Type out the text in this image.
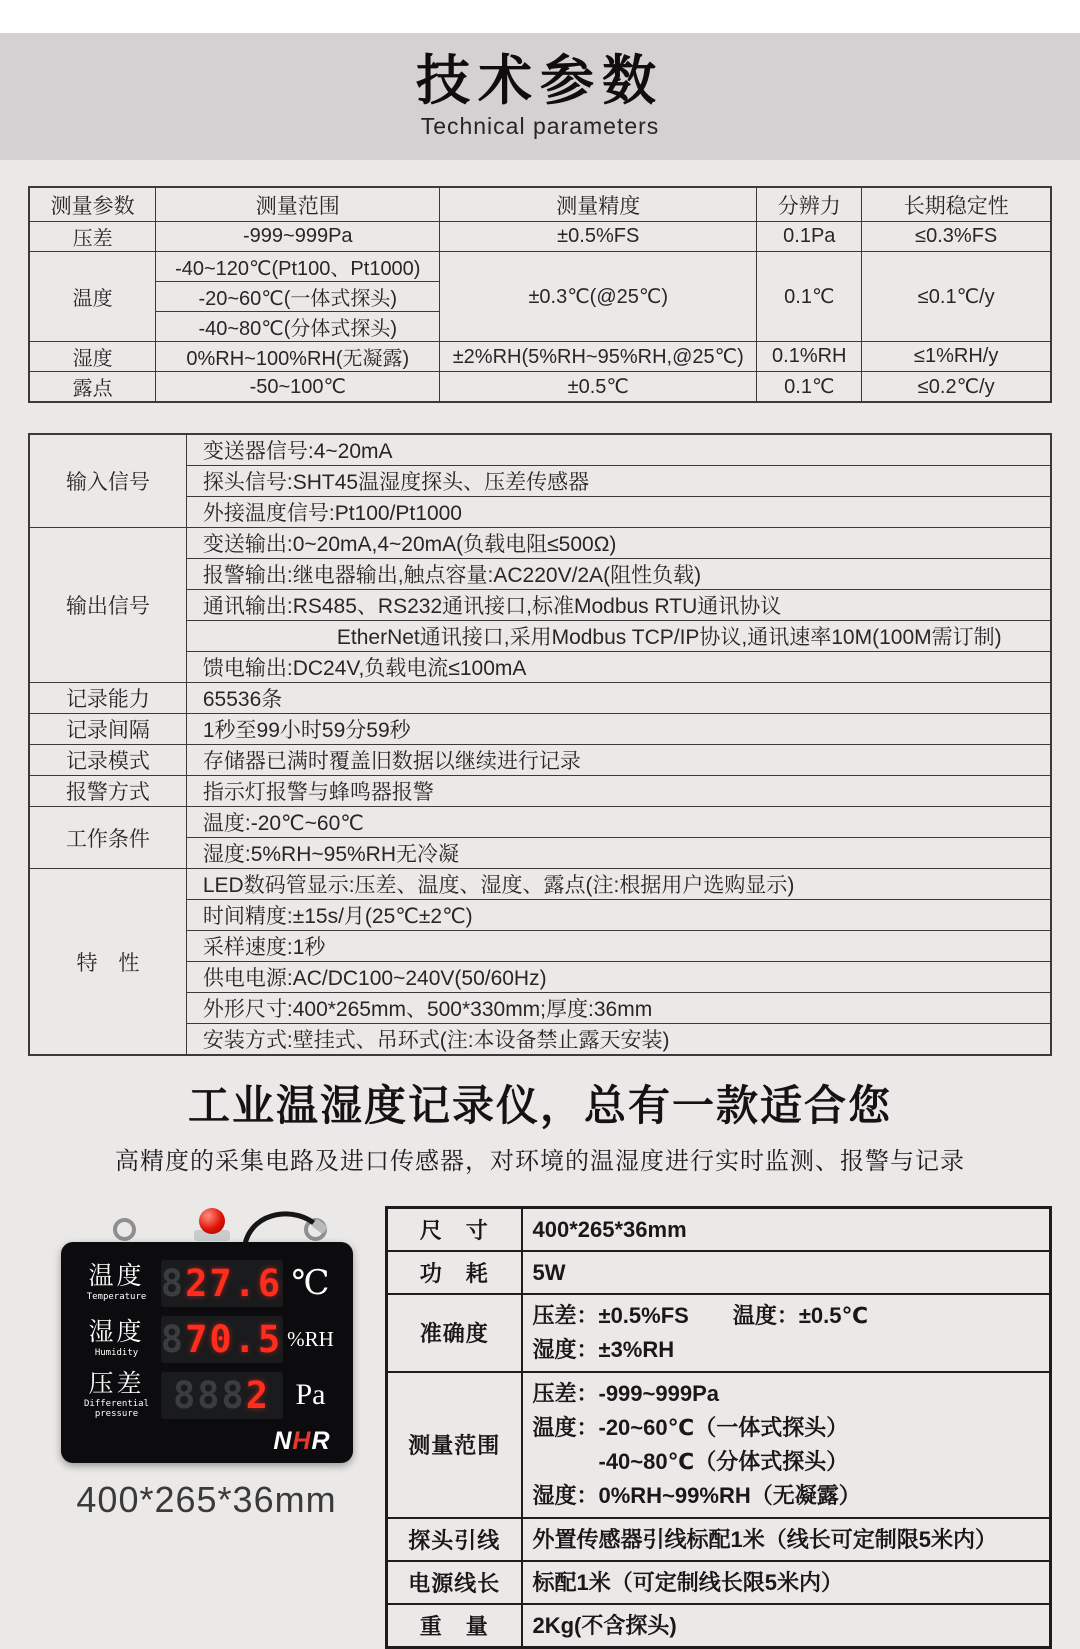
技术参数
Technical parameters
测量参数	测量范围	测量精度	分辨力	长期稳定性
压差	-999~999Pa	±0.5%FS	0.1Pa	≤0.3%FS
温度	-40~120℃(Pt100、Pt1000)	±0.3℃(@25℃)	0.1℃	≤0.1℃/y
	-20~60℃(一体式探头)			
	-40~80℃(分体式探头)			
湿度	0%RH~100%RH(无凝露)	±2%RH(5%RH~95%RH,@25℃)	0.1%RH	≤1%RH/y
露点	-50~100℃	±0.5℃	0.1℃	≤0.2℃/y
输入信号	变送器信号:4~20mA
	探头信号:SHT45温湿度探头、压差传感器
	外接温度信号:Pt100/Pt1000
输出信号	变送输出:0~20mA,4~20mA(负载电阻≤500Ω)
	报警输出:继电器输出,触点容量:AC220V/2A(阻性负载)
	通讯输出:RS485、RS232通讯接口,标准Modbus RTU通讯协议
	EtherNet通讯接口,采用Modbus TCP/IP协议,通讯速率10M(100M需订制)
	馈电输出:DC24V,负载电流≤100mA
记录能力	65536条
记录间隔	1秒至99小时59分59秒
记录模式	存储器已满时覆盖旧数据以继续进行记录
报警方式	指示灯报警与蜂鸣器报警
工作条件	温度:-20℃~60℃
	湿度:5%RH~95%RH无冷凝
特　性	LED数码管显示:压差、温度、湿度、露点(注:根据用户选购显示)
	时间精度:±15s/月(25℃±2℃)
	采样速度:1秒
	供电电源:AC/DC100~240V(50/60Hz)
	外形尺寸:400*265mm、500*330mm;厚度:36mm
	安装方式:壁挂式、吊环式(注:本设备禁止露天安装)
工业温湿度记录仪，总有一款适合您
高精度的采集电路及进口传感器，对环境的温湿度进行实时监测、报警与记录
温度
Temperature 8 27.6 ℃
湿度
Humidity 8 70.5 %RH
压差
Differential pressure 888 2 Pa
NHR
400*265*36mm
尺　寸	400*265*36mm
功　耗	5W
准确度	压差：±0.5%FS　　温度：±0.5℃
湿度：±3%RH

测量范围	压差：-999~999Pa
温度：-20~60℃（一体式探头）
　　　-40~80℃（分体式探头）
湿度：0%RH~99%RH（无凝露）

探头引线	外置传感器引线标配1米（线长可定制限5米内）
电源线长	标配1米（可定制线长限5米内）
重　量	2Kg(不含探头)
